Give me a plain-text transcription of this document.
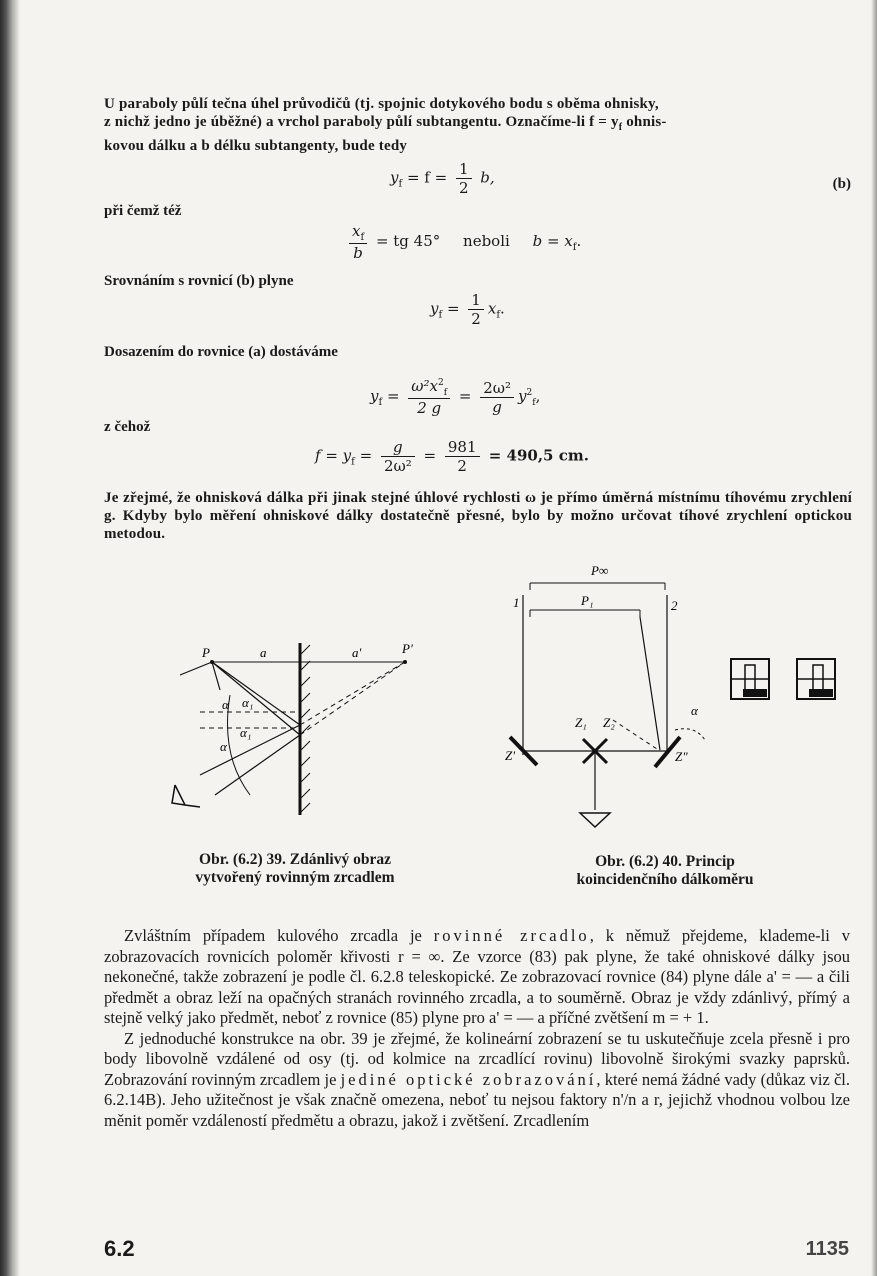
U paraboly půlí tečna úhel průvodičů (tj. spojnic dotykového bodu s oběma ohnisky,
z nichž jedno je úběžné) a vrchol paraboly půlí subtangentu. Označíme-li $f = y_f$ ohnis-
kovou dálku a b délku subtangenty, bude tedy
$y_f = f = \frac{1}{2} b$,	(b)
při čemž též
$\frac{x_f}{b}$ = tg 45° neboli $b = x_f$.
Srovnáním s rovnicí (b) plyne
$y_f = \frac{1}{2} x_f$.
Dosazením do rovnice (a) dostáváme
$y_f = \frac{\omega^2x^2_f}{2 g} = \frac{\text{2ω²}}{g} y^2_f$,
z čehož
$f = y_f = \frac{g}{\text{2ω²}} = \frac{981}{2} = 490,5$ cm.

Je zřejmé, že ohnisková dálka při jinak stejné úhlové rychlosti ω je přímo úměrná místnímu tíhovému zrychlení g. Kdyby bylo měření ohniskové dálky dostatečně přesné, bylo by možno určovat tíhové zrychlení optickou metodou.

P	a	a'	P'
α α₁
α
α₁
Obr. (6.2) 39. Zdánlivý obraz
vytvořený rovinným zrcadlem
P∞
P₁
1	2
Z₁ Z₂
Z'	Z"
α
Obr. (6.2) 40. Princip
koincidenčního dálkoměru

Zvláštním případem kulového zrcadla je rovinné zrcadlo, k němuž přejdeme, klademe-li v zobrazovacích rovnicích poloměr křivosti r = ∞. Ze vzorce (83) pak plyne, že také ohniskové dálky jsou nekonečné, takže zobrazení je podle čl. 6.2.8 teleskopické. Ze zobrazovací rovnice (84) plyne dále a' = — a čili předmět a obraz leží na opačných stranách rovinného zrcadla, a to souměrně. Obraz je vždy zdánlivý, přímý a stejně velký jako předmět, neboť z rovnice (85) plyne pro a' = — a příčné zvětšení m = + 1.

Z jednoduché konstrukce na obr. 39 je zřejmé, že kolineární zobrazení se tu uskutečňuje zcela přesně i pro body libovolně vzdálené od osy (tj. od kolmice na zrcadlící rovinu) libovolně širokými svazky paprsků. Zobrazování rovinným zrcadlem je jediné optické zobrazování, které nemá žádné vady (důkaz viz čl. 6.2.14B). Jeho užitečnost je však značně omezena, neboť tu nejsou faktory n'/n a r, jejichž vhodnou volbou lze měnit poměr vzdáleností předmětu a obrazu, jakož i zvětšení. Zrcadlením

6.2	1135
